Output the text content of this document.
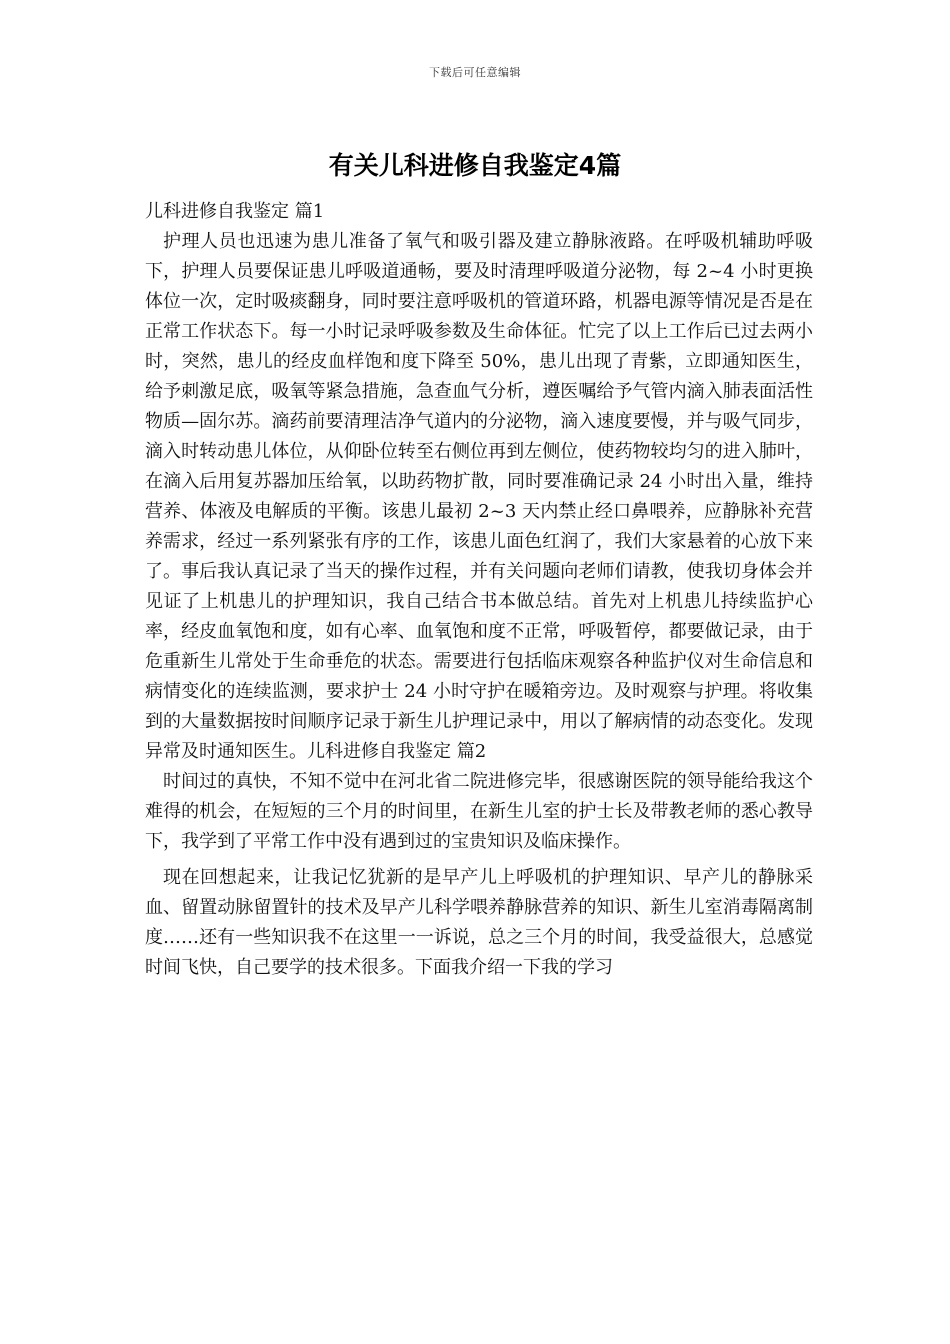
下载后可任意编辑
有关儿科进修自我鉴定4篇

儿科进修自我鉴定 篇1

护理人员也迅速为患儿准备了氧气和吸引器及建立静脉液路。在呼吸机辅助呼吸下，护理人员要保证患儿呼吸道通畅，要及时清理呼吸道分泌物，每 2~4 小时更换体位一次，定时吸痰翻身，同时要注意呼吸机的管道环路，机器电源等情况是否是在正常工作状态下。每一小时记录呼吸参数及生命体征。忙完了以上工作后已过去两小时，突然，患儿的经皮血样饱和度下降至 50%，患儿出现了青紫，立即通知医生，给予刺激足底，吸氧等紧急措施，急查血气分析，遵医嘱给予气管内滴入肺表面活性物质—固尔苏。滴药前要清理洁净气道内的分泌物，滴入速度要慢，并与吸气同步，滴入时转动患儿体位，从仰卧位转至右侧位再到左侧位，使药物较均匀的进入肺叶，在滴入后用复苏器加压给氧，以助药物扩散，同时要准确记录 24 小时出入量，维持营养、体液及电解质的平衡。该患儿最初 2~3 天内禁止经口鼻喂养，应静脉补充营养需求，经过一系列紧张有序的工作，该患儿面色红润了，我们大家悬着的心放下来了。事后我认真记录了当天的操作过程，并有关问题向老师们请教，使我切身体会并见证了上机患儿的护理知识，我自己结合书本做总结。首先对上机患儿持续监护心率，经皮血氧饱和度，如有心率、血氧饱和度不正常，呼吸暂停，都要做记录，由于危重新生儿常处于生命垂危的状态。需要进行包括临床观察各种监护仪对生命信息和病情变化的连续监测，要求护士 24 小时守护在暖箱旁边。及时观察与护理。将收集到的大量数据按时间顺序记录于新生儿护理记录中，用以了解病情的动态变化。发现异常及时通知医生。儿科进修自我鉴定 篇2

时间过的真快，不知不觉中在河北省二院进修完毕，很感谢医院的领导能给我这个难得的机会，在短短的三个月的时间里，在新生儿室的护士长及带教老师的悉心教导下，我学到了平常工作中没有遇到过的宝贵知识及临床操作。

现在回想起来，让我记忆犹新的是早产儿上呼吸机的护理知识、早产儿的静脉采血、留置动脉留置针的技术及早产儿科学喂养静脉营养的知识、新生儿室消毒隔离制度……还有一些知识我不在这里一一诉说，总之三个月的时间，我受益很大，总感觉时间飞快，自己要学的技术很多。下面我介绍一下我的学习
